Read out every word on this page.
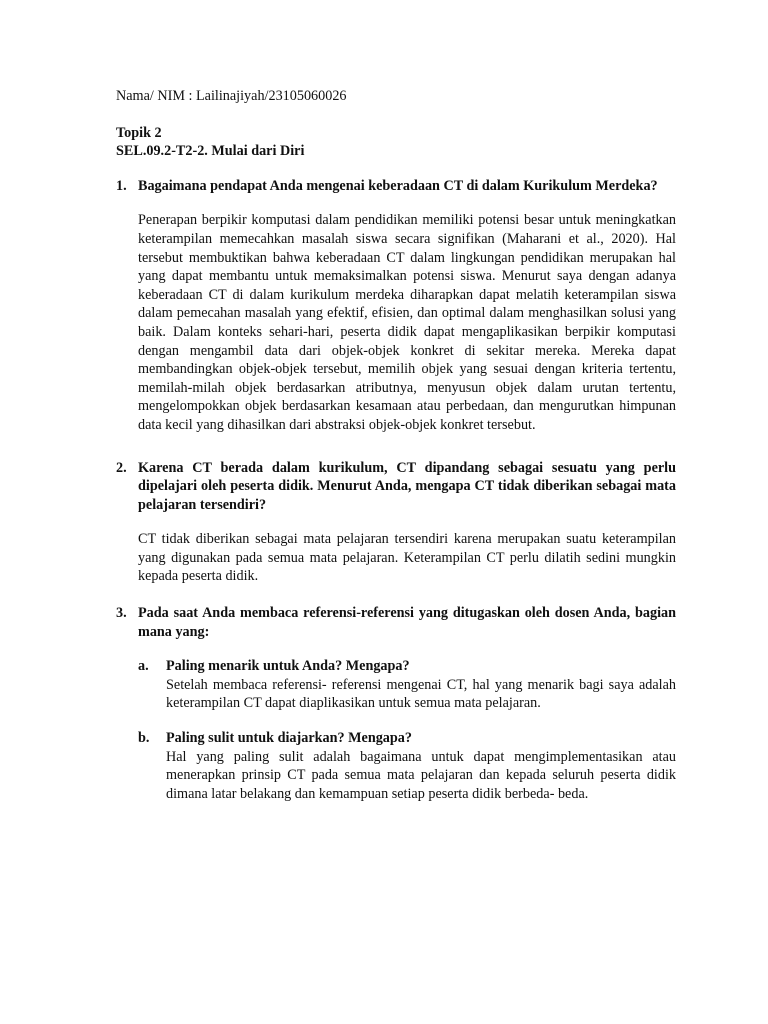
Nama/ NIM : Lailinajiyah/23105060026

Topik 2

SEL.09.2-T2-2. Mulai dari Diri

1. Bagaimana pendapat Anda mengenai keberadaan CT di dalam Kurikulum Merdeka?

Penerapan berpikir komputasi dalam pendidikan memiliki potensi besar untuk meningkatkan keterampilan memecahkan masalah siswa secara signifikan (Maharani et al., 2020). Hal tersebut membuktikan bahwa keberadaan CT dalam lingkungan pendidikan merupakan hal yang dapat membantu untuk memaksimalkan potensi siswa. Menurut saya dengan adanya keberadaan CT di dalam kurikulum merdeka diharapkan dapat melatih keterampilan siswa dalam pemecahan masalah yang efektif, efisien, dan optimal dalam menghasilkan solusi yang baik. Dalam konteks sehari-hari, peserta didik dapat mengaplikasikan berpikir komputasi dengan mengambil data dari objek-objek konkret di sekitar mereka. Mereka dapat membandingkan objek-objek tersebut, memilih objek yang sesuai dengan kriteria tertentu, memilah-milah objek berdasarkan atributnya, menyusun objek dalam urutan tertentu, mengelompokkan objek berdasarkan kesamaan atau perbedaan, dan mengurutkan himpunan data kecil yang dihasilkan dari abstraksi objek-objek konkret tersebut.

2. Karena CT berada dalam kurikulum, CT dipandang sebagai sesuatu yang perlu dipelajari oleh peserta didik. Menurut Anda, mengapa CT tidak diberikan sebagai mata pelajaran tersendiri?

CT tidak diberikan sebagai mata pelajaran tersendiri karena merupakan suatu keterampilan yang digunakan pada semua mata pelajaran. Keterampilan CT perlu dilatih sedini mungkin kepada peserta didik.

3. Pada saat Anda membaca referensi-referensi yang ditugaskan oleh dosen Anda, bagian mana yang:

a.	Paling menarik untuk Anda? Mengapa?

Setelah membaca referensi- referensi mengenai CT, hal yang menarik bagi saya adalah keterampilan CT dapat diaplikasikan untuk semua mata pelajaran.

b.	Paling sulit untuk diajarkan? Mengapa?

Hal yang paling sulit adalah bagaimana untuk dapat mengimplementasikan atau menerapkan prinsip CT pada semua mata pelajaran dan kepada seluruh peserta didik dimana latar belakang dan kemampuan setiap peserta didik berbeda- beda.
